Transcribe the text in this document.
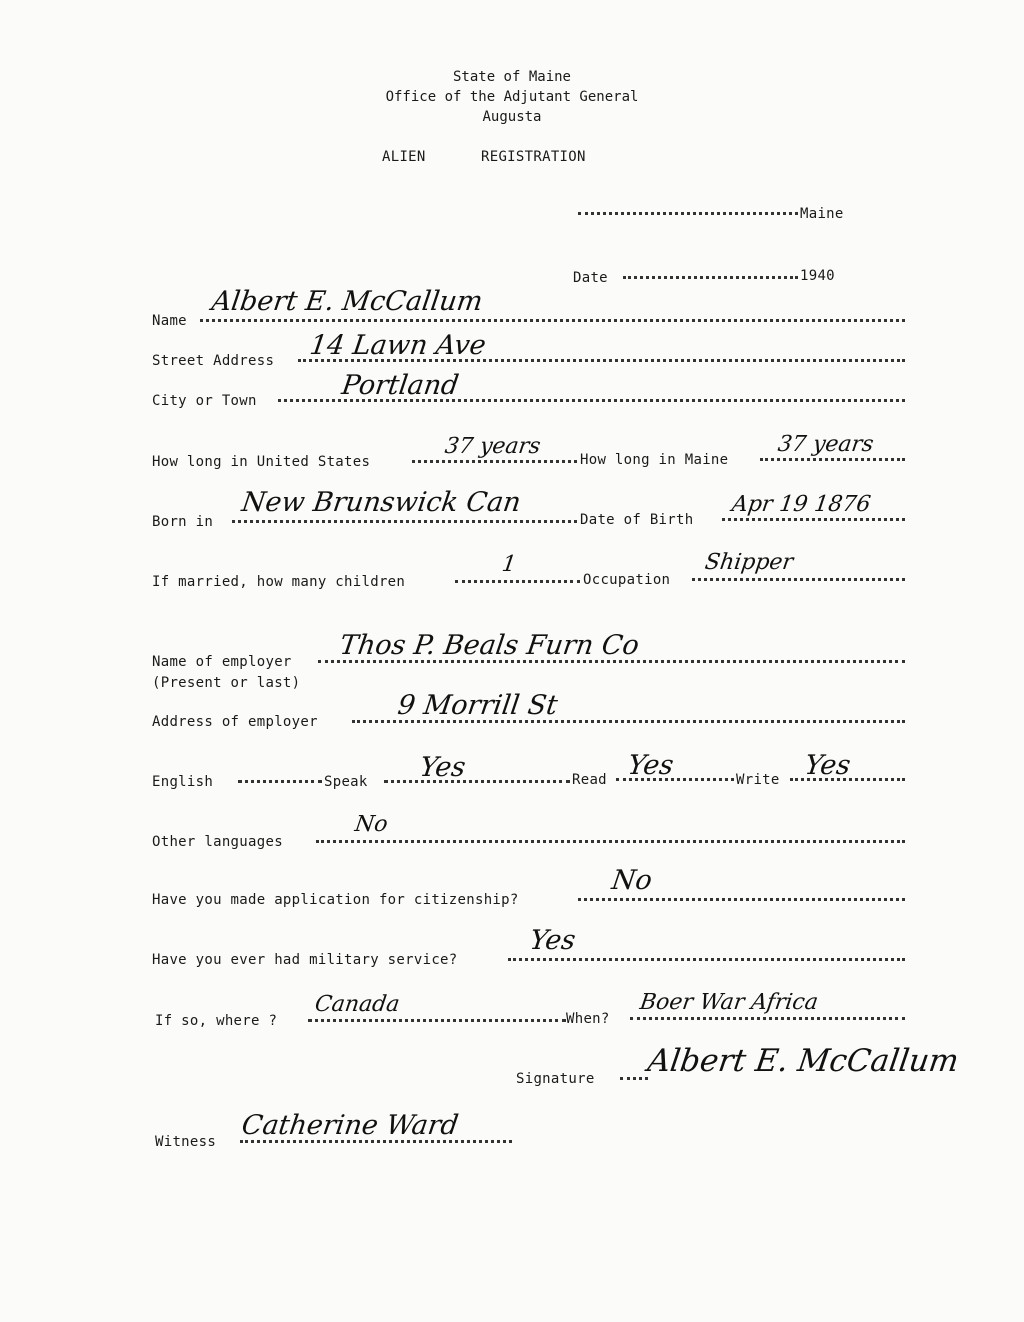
State of Maine
Office of the Adjutant General
Augusta
ALIEN	REGISTRATION
Maine
Date	1940
Name
Albert E. McCallum
Street Address 14 Lawn Ave
City or Town	Portland
How long in United States
37 years
How long in Maine
37 years
Born in
New Brunswick Can
Date of Birth
Apr 19 1876
If married, how many children
1
Occupation
Shipper
Name of employer
Thos P. Beals Furn Co
(Present or last)
Address of employer
9 Morrill St
English	Speak Yes	Read Yes	Write Yes
Other languages
No
Have you made application for citizenship?
No
Have you ever had military service?
Yes
If so, where ?
Canada
When?
Boer War Africa
Signature Albert E. McCallum
Witness
Catherine Ward
